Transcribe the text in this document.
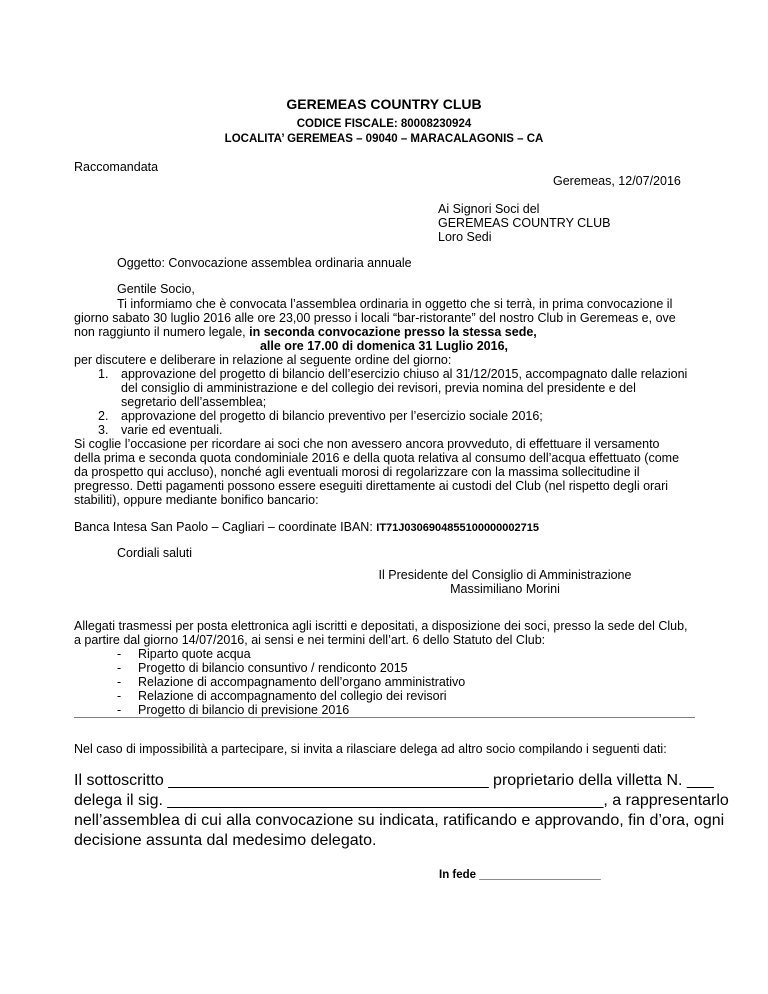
GEREMEAS COUNTRY CLUB
CODICE FISCALE: 80008230924
LOCALITA’ GEREMEAS – 09040 – MARACALAGONIS – CA
Raccomandata
Geremeas, 12/07/2016
Ai Signori Soci del
GEREMEAS COUNTRY CLUB
Loro Sedi
Oggetto: Convocazione assemblea ordinaria annuale
Gentile Socio,
Ti informiamo che è convocata l’assemblea ordinaria in oggetto che si terrà, in prima convocazione il
giorno sabato 30 luglio 2016 alle ore 23,00 presso i locali “bar-ristorante” del nostro Club in Geremeas e, ove
non raggiunto il numero legale, in seconda convocazione presso la stessa sede,
alle ore 17.00 di domenica 31 Luglio 2016,
per discutere e deliberare in relazione al seguente ordine del giorno:
1. approvazione del progetto di bilancio dell’esercizio chiuso al 31/12/2015, accompagnato dalle relazioni
del consiglio di amministrazione e del collegio dei revisori, previa nomina del presidente e del
segretario dell’assemblea;
2. approvazione del progetto di bilancio preventivo per l’esercizio sociale 2016;
3. varie ed eventuali.
Si coglie l’occasione per ricordare ai soci che non avessero ancora provveduto, di effettuare il versamento
della prima e seconda quota condominiale 2016 e della quota relativa al consumo dell’acqua effettuato (come
da prospetto qui accluso), nonché agli eventuali morosi di regolarizzare con la massima sollecitudine il
pregresso. Detti pagamenti possono essere eseguiti direttamente ai custodi del Club (nel rispetto degli orari
stabiliti), oppure mediante bonifico bancario:
Banca Intesa San Paolo – Cagliari – coordinate IBAN: IT71J0306904855100000002715
Cordiali saluti
Il Presidente del Consiglio di Amministrazione
Massimiliano Morini
Allegati trasmessi per posta elettronica agli iscritti e depositati, a disposizione dei soci, presso la sede del Club,
a partire dal giorno 14/07/2016, ai sensi e nei termini dell’art. 6 dello Statuto del Club:
- Riparto quote acqua
- Progetto di bilancio consuntivo / rendiconto 2015
- Relazione di accompagnamento dell’organo amministrativo
- Relazione di accompagnamento del collegio dei revisori
- Progetto di bilancio di previsione 2016
Nel caso di impossibilità a partecipare, si invita a rilasciare delega ad altro socio compilando i seguenti dati:
Il sottoscritto ____________________________________ proprietario della villetta N. ___
delega il sig. _________________________________________________, a rappresentarlo
nell’assemblea di cui alla convocazione su indicata, ratificando e approvando, fin d’ora, ogni
decisione assunta dal medesimo delegato.
In fede ___________________
